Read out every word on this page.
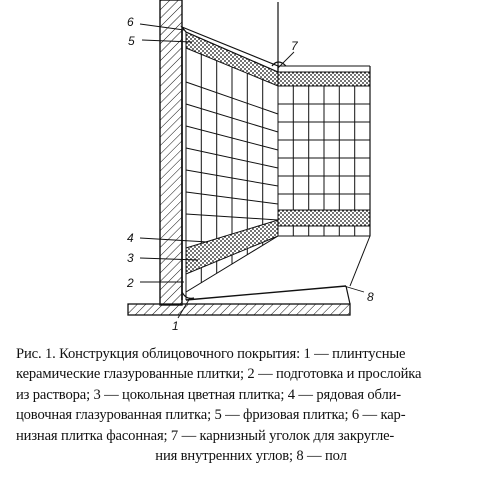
6
5	7
4
3
2
1
8
Рис. 1. Конструкция облицовочного покрытия: 1 — плинтусные
керамические глазурованные плитки; 2 — подготовка и прослойка
из раствора; 3 — цокольная цветная плитка; 4 — рядовая обли-
цовочная глазурованная плитка; 5 — фризовая плитка; 6 — кар-
низная плитка фасонная; 7 — карнизный уголок для закругле-
ния внутренних углов; 8 — пол
